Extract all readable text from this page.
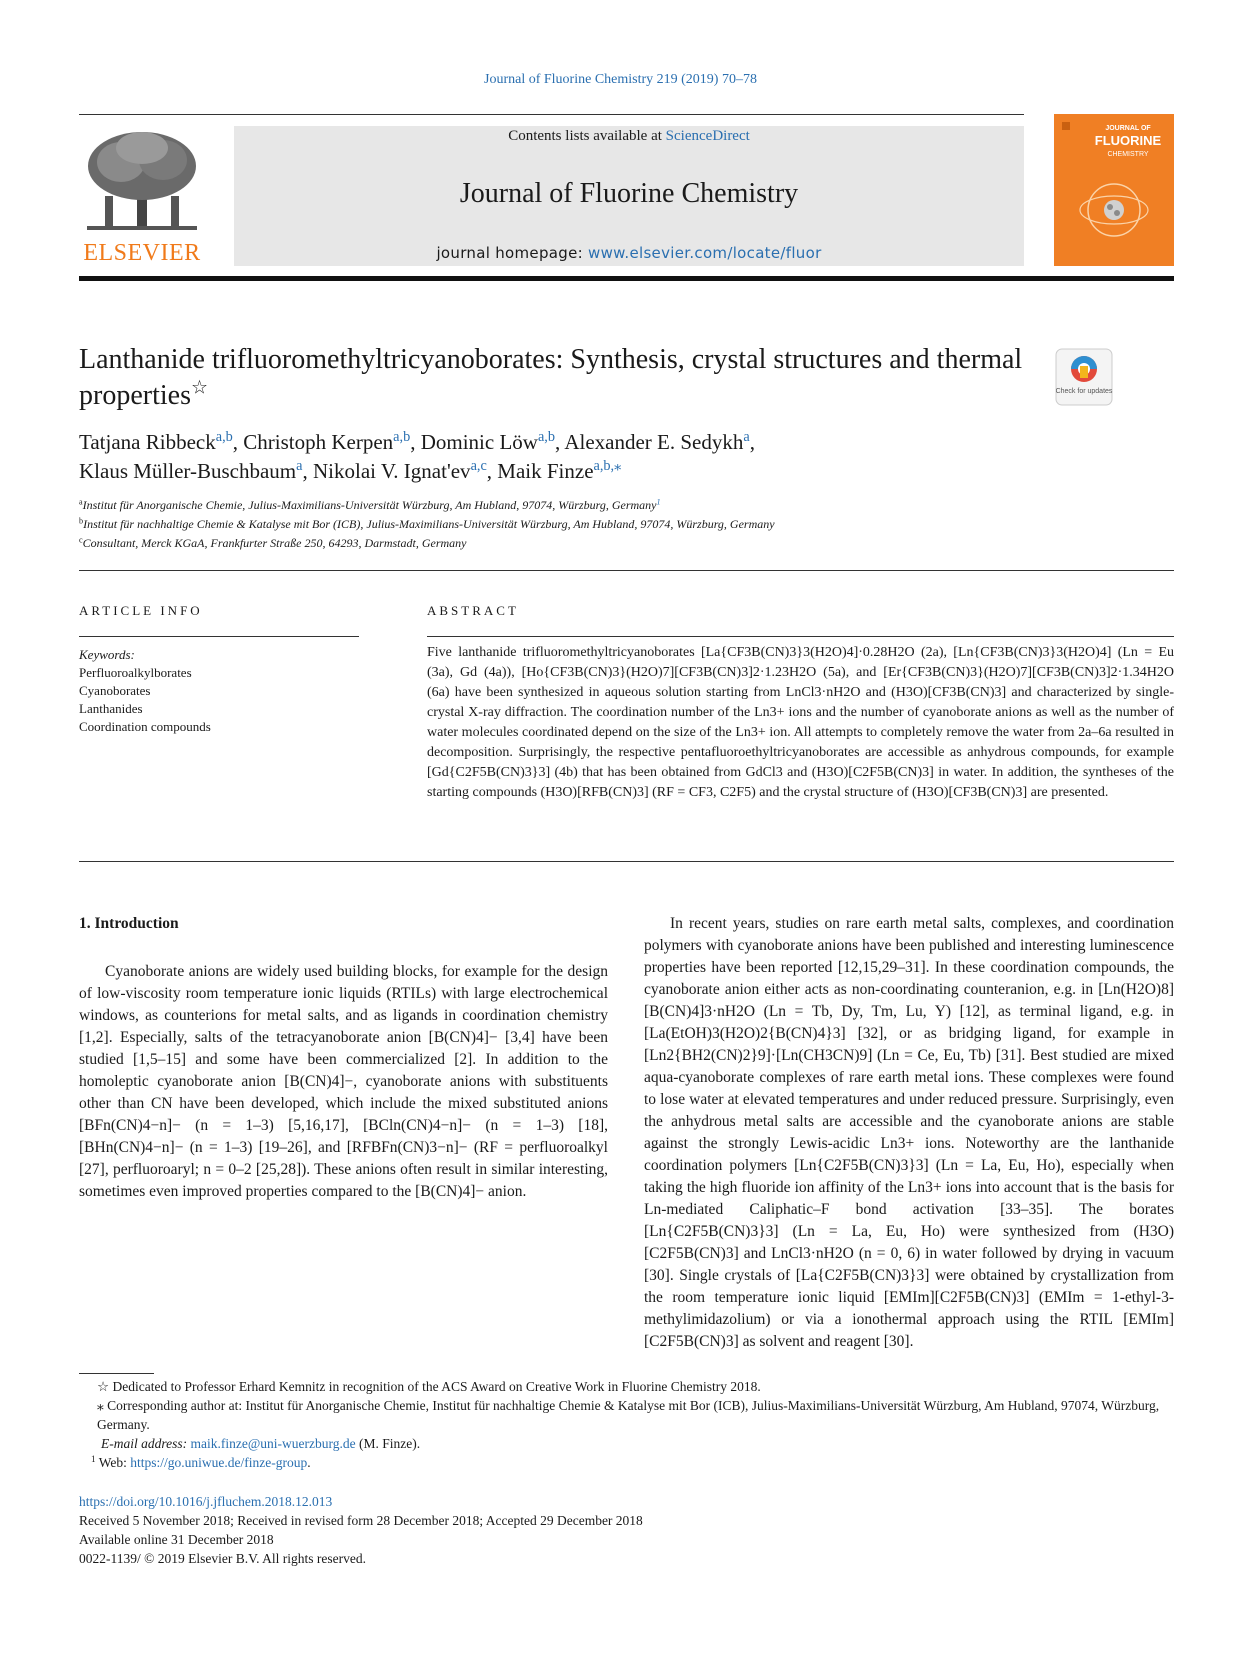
Journal of Fluorine Chemistry 219 (2019) 70–78
ELSEVIER
Contents lists available at ScienceDirect
Journal of Fluorine Chemistry
journal homepage: www.elsevier.com/locate/fluor
JOURNAL OF
FLUORINE
CHEMISTRY
Lanthanide trifluoromethyltricyanoborates: Synthesis, crystal structures and thermal properties☆	Check for updates
Tatjana Ribbeck$^{a,b}$, Christoph Kerpen$^{a,b}$, Dominic Löw$^{a,b}$, Alexander E. Sedykh$^a$,
Klaus Müller-Buschbaum$^a$, Nikolai V. Ignat'ev$^{a,c}$, Maik Finze$^{a,b,⁎}$
$^a$Institut für Anorganische Chemie, Julius-Maximilians-Universität Würzburg, Am Hubland, 97074, Würzburg, Germany$^1$
$^b$Institut für nachhaltige Chemie & Katalyse mit Bor (ICB), Julius-Maximilians-Universität Würzburg, Am Hubland, 97074, Würzburg, Germany
$^c$Consultant, Merck KGaA, Frankfurter Straße 250, 64293, Darmstadt, Germany
ARTICLE INFO
Keywords:
Perfluoroalkylborates
Cyanoborates
Lanthanides
Coordination compounds
ABSTRACT
Five lanthanide trifluoromethyltricyanoborates [La{CF3B(CN)3}3(H2O)4]·0.28H2O (2a), [Ln{CF3B(CN)3}3(H2O)4] (Ln = Eu (3a), Gd (4a)), [Ho{CF3B(CN)3}(H2O)7][CF3B(CN)3]2·1.23H2O (5a), and [Er{CF3B(CN)3}(H2O)7][CF3B(CN)3]2·1.34H2O (6a) have been synthesized in aqueous solution starting from LnCl3·nH2O and (H3O)[CF3B(CN)3] and characterized by single-crystal X-ray diffraction. The coordination number of the Ln3+ ions and the number of cyanoborate anions as well as the number of water molecules coordinated depend on the size of the Ln3+ ion. All attempts to completely remove the water from 2a–6a resulted in decomposition. Surprisingly, the respective pentafluoroethyltricyanoborates are accessible as anhydrous compounds, for example [Gd{C2F5B(CN)3}3] (4b) that has been obtained from GdCl3 and (H3O)[C2F5B(CN)3] in water. In addition, the syntheses of the starting compounds (H3O)[RFB(CN)3] (RF = CF3, C2F5) and the crystal structure of (H3O)[CF3B(CN)3] are presented.
1. Introduction

Cyanoborate anions are widely used building blocks, for example for the design of low-viscosity room temperature ionic liquids (RTILs) with large electrochemical windows, as counterions for metal salts, and as ligands in coordination chemistry [1,2]. Especially, salts of the tetracyanoborate anion [B(CN)4]− [3,4] have been studied [1,5–15] and some have been commercialized [2]. In addition to the homoleptic cyanoborate anion [B(CN)4]−, cyanoborate anions with substituents other than CN have been developed, which include the mixed substituted anions [BFn(CN)4−n]− (n = 1–3) [5,16,17], [BCln(CN)4−n]− (n = 1–3) [18], [BHn(CN)4−n]− (n = 1–3) [19–26], and [RFBFn(CN)3−n]− (RF = perfluoroalkyl [27], perfluoroaryl; n = 0–2 [25,28]). These anions often result in similar interesting, sometimes even improved properties compared to the [B(CN)4]− anion.

In recent years, studies on rare earth metal salts, complexes, and coordination polymers with cyanoborate anions have been published and interesting luminescence properties have been reported [12,15,29–31]. In these coordination compounds, the cyanoborate anion either acts as non-coordinating counteranion, e.g. in [Ln(H2O)8][B(CN)4]3·nH2O (Ln = Tb, Dy, Tm, Lu, Y) [12], as terminal ligand, e.g. in [La(EtOH)3(H2O)2{B(CN)4}3] [32], or as bridging ligand, for example in [Ln2{BH2(CN)2}9]·[Ln(CH3CN)9] (Ln = Ce, Eu, Tb) [31]. Best studied are mixed aqua-cyanoborate complexes of rare earth metal ions. These complexes were found to lose water at elevated temperatures and under reduced pressure. Surprisingly, even the anhydrous metal salts are accessible and the cyanoborate anions are stable against the strongly Lewis-acidic Ln3+ ions. Noteworthy are the lanthanide coordination polymers [Ln{C2F5B(CN)3}3] (Ln = La, Eu, Ho), especially when taking the high fluoride ion affinity of the Ln3+ ions into account that is the basis for Ln-mediated Caliphatic–F bond activation [33–35]. The borates [Ln{C2F5B(CN)3}3] (Ln = La, Eu, Ho) were synthesized from (H3O)[C2F5B(CN)3] and LnCl3·nH2O (n = 0, 6) in water followed by drying in vacuum [30]. Single crystals of [La{C2F5B(CN)3}3] were obtained by crystallization from the room temperature ionic liquid [EMIm][C2F5B(CN)3] (EMIm = 1-ethyl-3-methylimidazolium) or via a ionothermal approach using the RTIL [EMIm][C2F5B(CN)3] as solvent and reagent [30].

☆ Dedicated to Professor Erhard Kemnitz in recognition of the ACS Award on Creative Work in Fluorine Chemistry 2018.

⁎ Corresponding author at: Institut für Anorganische Chemie, Institut für nachhaltige Chemie & Katalyse mit Bor (ICB), Julius-Maximilians-Universität Würzburg, Am Hubland, 97074, Würzburg, Germany.

E-mail address: maik.finze@uni-wuerzburg.de (M. Finze).

$^1$ Web: https://go.uniwue.de/finze-group.

https://doi.org/10.1016/j.jfluchem.2018.12.013
Received 5 November 2018; Received in revised form 28 December 2018; Accepted 29 December 2018
Available online 31 December 2018
0022-1139/ © 2019 Elsevier B.V. All rights reserved.
